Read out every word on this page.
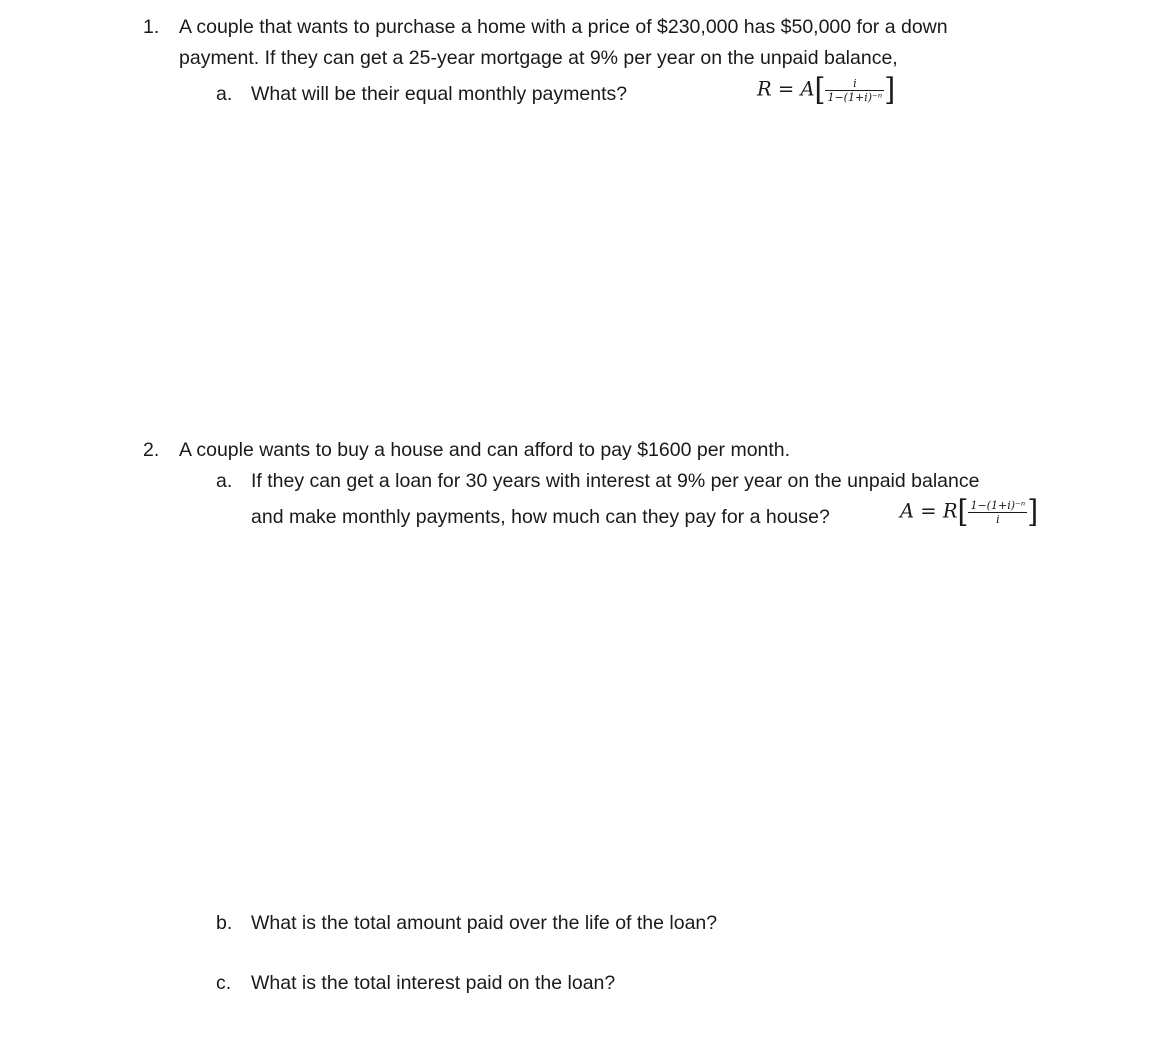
1. A couple that wants to purchase a home with a price of $230,000 has $50,000 for a down
payment. If they can get a 25-year mortgage at 9% per year on the unpaid balance,
a. What will be their equal monthly payments?	$R = A[ \frac{i}{\text{1−(1+i)⁻ⁿ}}$ ]
2. A couple wants to buy a house and can afford to pay $1600 per month.
a. If they can get a loan for 30 years with interest at 9% per year on the unpaid balance
and make monthly payments, how much can they pay for a house?	$A = R[ \frac{\text{1−(1+i)⁻ⁿ}}{i}$ ]
b. What is the total amount paid over the life of the loan?
c. What is the total interest paid on the loan?
